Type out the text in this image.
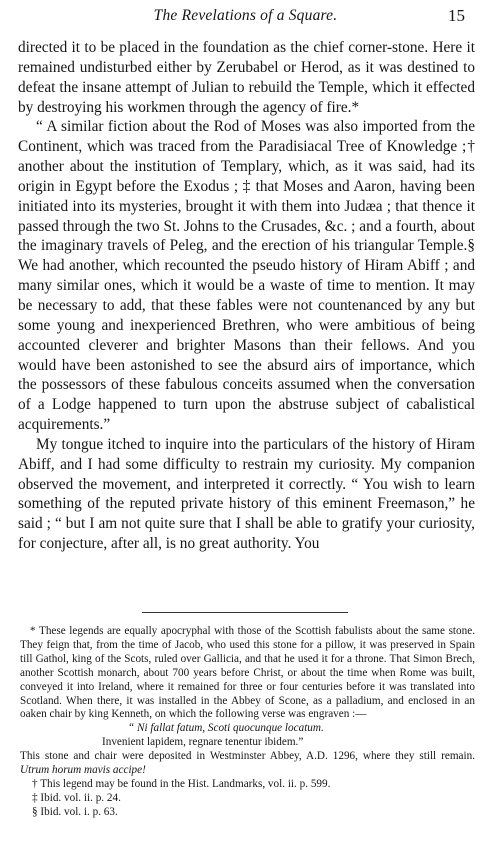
The Revelations of a Square.	15

directed it to be placed in the foundation as the chief corner-stone. Here it remained undisturbed either by Zerubabel or Herod, as it was destined to defeat the insane attempt of Julian to rebuild the Temple, which it effected by destroying his workmen through the agency of fire.*

“ A similar fiction about the Rod of Moses was also imported from the Continent, which was traced from the Paradisiacal Tree of Knowledge ;† another about the institution of Templary, which, as it was said, had its origin in Egypt before the Exodus ; ‡ that Moses and Aaron, having been initiated into its mysteries, brought it with them into Judæa ; that thence it passed through the two St. Johns to the Crusades, &c. ; and a fourth, about the imaginary travels of Peleg, and the erection of his triangular Temple.§ We had another, which recounted the pseudo history of Hiram Abiff ; and many similar ones, which it would be a waste of time to mention. It may be necessary to add, that these fables were not countenanced by any but some young and inexperienced Brethren, who were ambitious of being accounted cleverer and brighter Masons than their fellows. And you would have been astonished to see the absurd airs of importance, which the possessors of these fabulous conceits assumed when the conversation of a Lodge happened to turn upon the abstruse subject of cabalistical acquirements.”

My tongue itched to inquire into the particulars of the history of Hiram Abiff, and I had some difficulty to restrain my curiosity. My companion observed the movement, and interpreted it correctly. “ You wish to learn something of the reputed private history of this eminent Freemason,” he said ; “ but I am not quite sure that I shall be able to gratify your curiosity, for conjecture, after all, is no great authority. You

* These legends are equally apocryphal with those of the Scottish fabulists about the same stone. They feign that, from the time of Jacob, who used this stone for a pillow, it was preserved in Spain till Gathol, king of the Scots, ruled over Gallicia, and that he used it for a throne. That Simon Brech, another Scottish monarch, about 700 years before Christ, or about the time when Rome was built, conveyed it into Ireland, where it remained for three or four centuries before it was translated into Scotland. When there, it was installed in the Abbey of Scone, as a palladium, and enclosed in an oaken chair by king Kenneth, on which the following verse was engraven :—

“ Ni fallat fatum, Scoti quocunque locatum.

Invenient lapidem, regnare tenentur ibidem.”

This stone and chair were deposited in Westminster Abbey, A.D. 1296, where they still remain. Utrum horum mavis accipe!

† This legend may be found in the Hist. Landmarks, vol. ii. p. 599.

‡ Ibid. vol. ii. p. 24.

§ Ibid. vol. i. p. 63.
